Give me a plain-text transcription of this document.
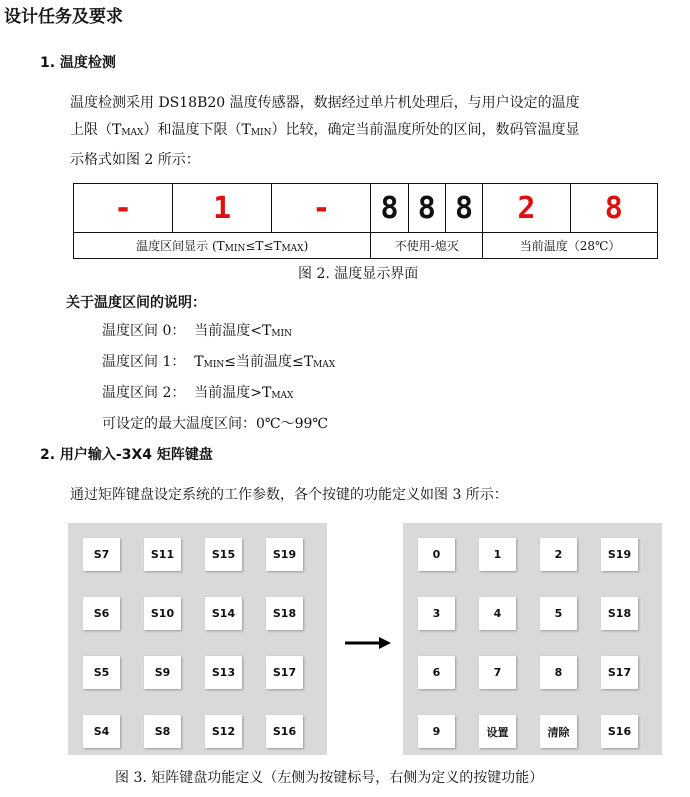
设计任务及要求
1. 温度检测
温度检测采用 DS18B20 温度传感器，数据经过单片机处理后，与用户设定的温度
上限$(T_{MAX})$和温度下限$(T_{MIN})$比较，确定当前温度所处的区间，数码管温度显
示格式如图 2 所示：
-	1	-	8	8	8	2	8
温度区间显示 $(T_{MIN}\le T\le T_{MAX})$			不使用-熄灭			当前温度（28℃）	
图 2. 温度显示界面
关于温度区间的说明：
温度区间 0： 当前温度$<T_{MIN}$
温度区间 1： $T_{MIN}\le$当前温度$\le T_{MAX}$
温度区间 2： 当前温度$>T_{MAX}$
可设定的最大温度区间：0℃～99℃
2. 用户输入-3X4 矩阵键盘
通过矩阵键盘设定系统的工作参数，各个按键的功能定义如图 3 所示：
S7	S11	S15	S19
S6	S10	S14	S18
S5	S9	S13	S17
S4	S8	S12	S16
0	1	2	S19
3	4	5	S18
6	7	8	S17
9	设置	清除	S16
图 3. 矩阵键盘功能定义（左侧为按键标号，右侧为定义的按键功能）
